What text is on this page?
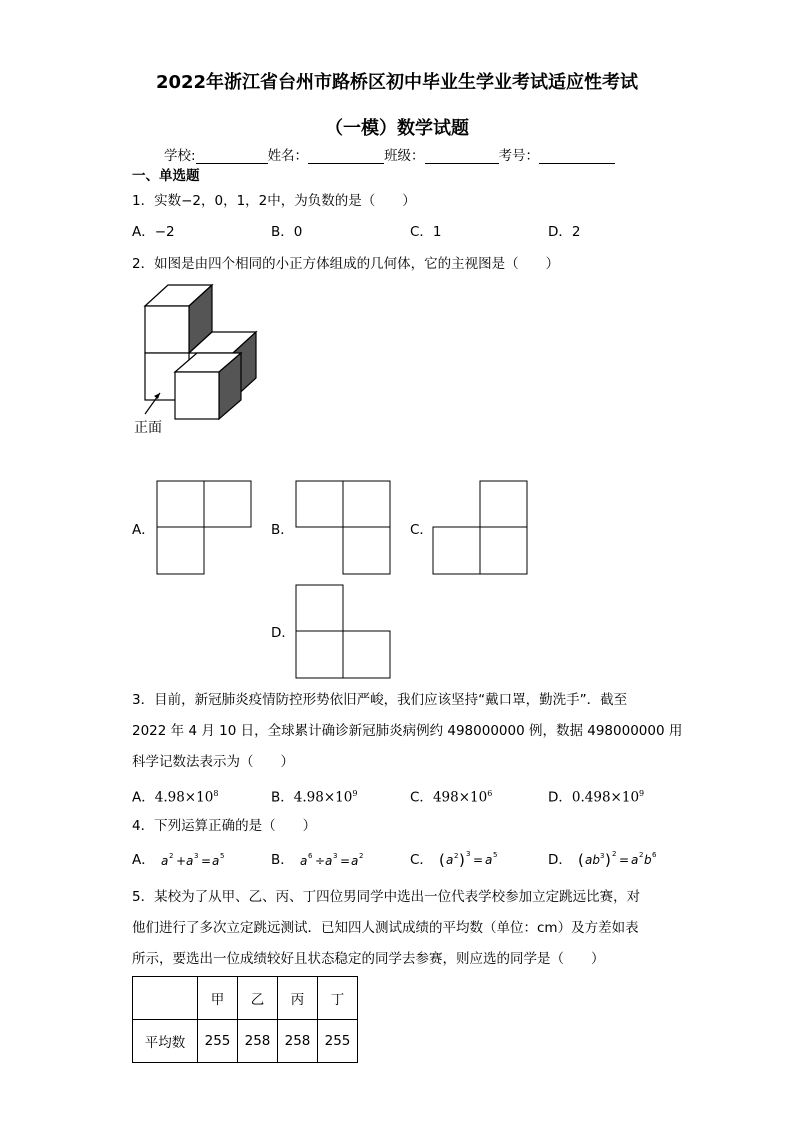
2022年浙江省台州市路桥区初中毕业生学业考试适应性考试
（一模）数学试题
学校:	姓名：	班级：	考号：
一、单选题
1．实数−2，0，1，2中，为负数的是（　　）
A．−2	B．0	C．1	D．2
2．如图是由四个相同的小正方体组成的几何体，它的主视图是（　　）
正面
A．	B．	C．
D．
3．目前，新冠肺炎疫情防控形势依旧严峻，我们应该坚持“戴口罩，勤洗手”．截至
2022 年 4 月 10 日，全球累计确诊新冠肺炎病例约 498000000 例，数据 498000000 用
科学记数法表示为（　　）
A．$4.98\times 10^8$	B．$4.98\times 10^9$	C．$498\times 10^6$	D．$0.498\times 10^9$
4．下列运算正确的是（　　）
A． a 2 + a 3 = a 5	B． a 6 ÷ a 3 = a 2	C． ( a 2 ) 3 = a 5	D． ( ab 3 ) 2 = a 2 b 6
5．某校为了从甲、乙、丙、丁四位男同学中选出一位代表学校参加立定跳远比赛，对
他们进行了多次立定跳远测试．已知四人测试成绩的平均数（单位：cm）及方差如表
所示，要选出一位成绩较好且状态稳定的同学去参赛，则应选的同学是（　　）
	甲	乙	丙	丁
平均数	255	258	258	255
